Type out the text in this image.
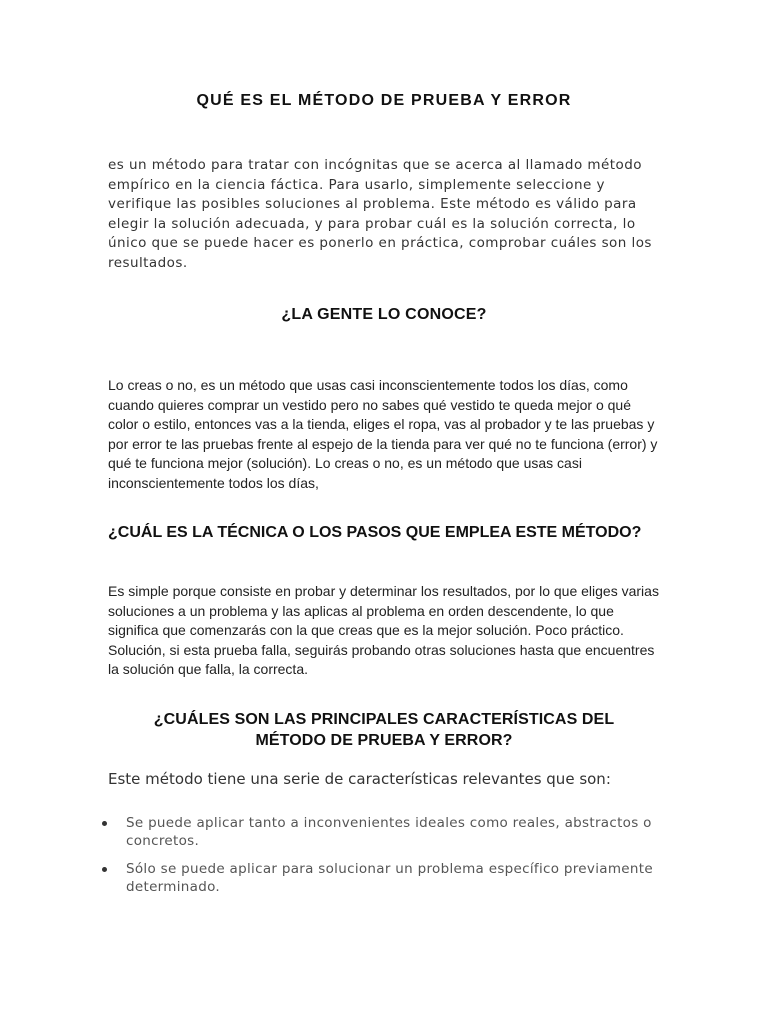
QUÉ ES EL MÉTODO DE PRUEBA Y ERROR

es un método para tratar con incógnitas que se acerca al llamado método empírico en la ciencia fáctica. Para usarlo, simplemente seleccione y verifique las posibles soluciones al problema. Este método es válido para elegir la solución adecuada, y para probar cuál es la solución correcta, lo único que se puede hacer es ponerlo en práctica, comprobar cuáles son los resultados.

¿LA GENTE LO CONOCE?

Lo creas o no, es un método que usas casi inconscientemente todos los días, como cuando quieres comprar un vestido pero no sabes qué vestido te queda mejor o qué color o estilo, entonces vas a la tienda, eliges el ropa, vas al probador y te las pruebas y por error te las pruebas frente al espejo de la tienda para ver qué no te funciona (error) y qué te funciona mejor (solución). Lo creas o no, es un método que usas casi inconscientemente todos los días,

¿CUÁL ES LA TÉCNICA O LOS PASOS QUE EMPLEA ESTE MÉTODO?

Es simple porque consiste en probar y determinar los resultados, por lo que eliges varias soluciones a un problema y las aplicas al problema en orden descendente, lo que significa que comenzarás con la que creas que es la mejor solución. Poco práctico. Solución, si esta prueba falla, seguirás probando otras soluciones hasta que encuentres la solución que falla, la correcta.

¿CUÁLES SON LAS PRINCIPALES CARACTERÍSTICAS DEL MÉTODO DE PRUEBA Y ERROR?

Este método tiene una serie de características relevantes que son:

Se puede aplicar tanto a inconvenientes ideales como reales, abstractos o concretos.
Sólo se puede aplicar para solucionar un problema específico previamente determinado.
